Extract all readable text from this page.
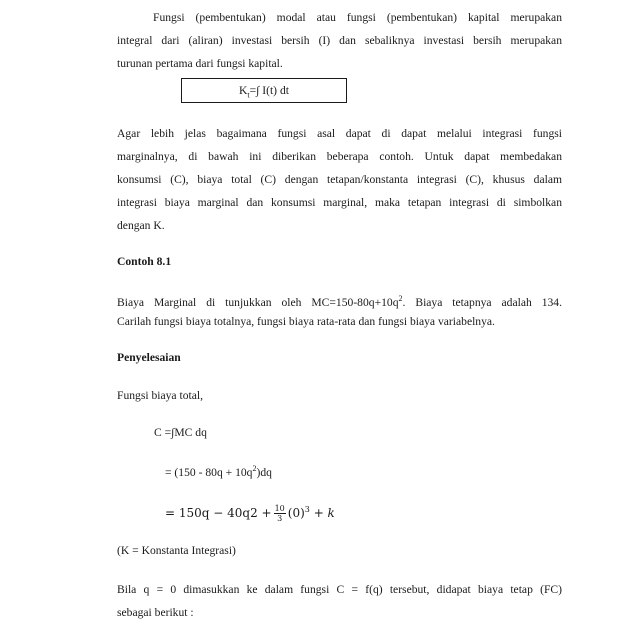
Fungsi (pembentukan) modal atau fungsi (pembentukan) kapital merupakan
integral dari (aliran) investasi bersih (I) dan sebaliknya investasi bersih merupakan
turunan pertama dari fungsi kapital.
$K_t=\int$ I(t) dt
Agar lebih jelas bagaimana fungsi asal dapat di dapat melalui integrasi fungsi
marginalnya, di bawah ini diberikan beberapa contoh. Untuk dapat membedakan
konsumsi (C), biaya total (C) dengan tetapan/konstanta integrasi (C), khusus dalam
integrasi biaya marginal dan konsumsi marginal, maka tetapan integrasi di simbolkan
dengan K.
Contoh 8.1
Biaya Marginal di tunjukkan oleh $MC=150-80q+10q^2$. Biaya tetapnya adalah 134.
Carilah fungsi biaya totalnya, fungsi biaya rata-rata dan fungsi biaya variabelnya.
Penyelesaian
Fungsi biaya total,
C =∫MC dq
= $(150 - 80q + 10q^2)dq$
= $150q - 40q2 + \frac{10}{3} (0)^3 + k$
(K = Konstanta Integrasi)
Bila q = 0 dimasukkan ke dalam fungsi C = f(q) tersebut, didapat biaya tetap (FC)
sebagai berikut :
